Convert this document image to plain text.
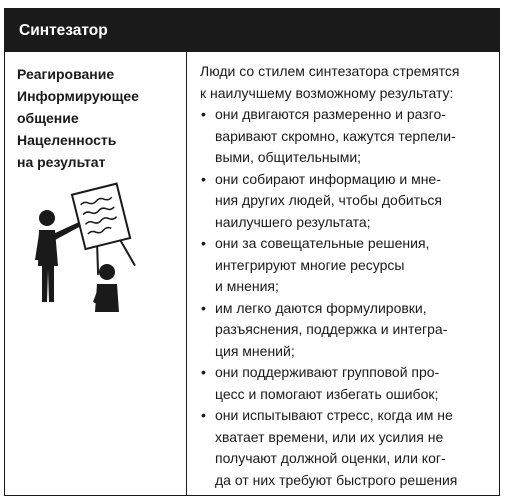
Синтезатор
Реагирование
Информирующее
общение
Нацеленность
на результат

Люди со стилем синтезатора стремятся
к наилучшему возможному результату:

• они двигаются размеренно и разго-
варивают скромно, кажутся терпели-
выми, общительными;
• они собирают информацию и мне-
ния других людей, чтобы добиться
наилучшего результата;
• они за совещательные решения,
интегрируют многие ресурсы
и мнения;
• им легко даются формулировки,
разъяснения, поддержка и интегра-
ция мнений;
• они поддерживают групповой про-
цесс и помогают избегать ошибок;
• они испытывают стресс, когда им не
хватает времени, или их усилия не
получают должной оценки, или ког-
да от них требуют быстрого решения
